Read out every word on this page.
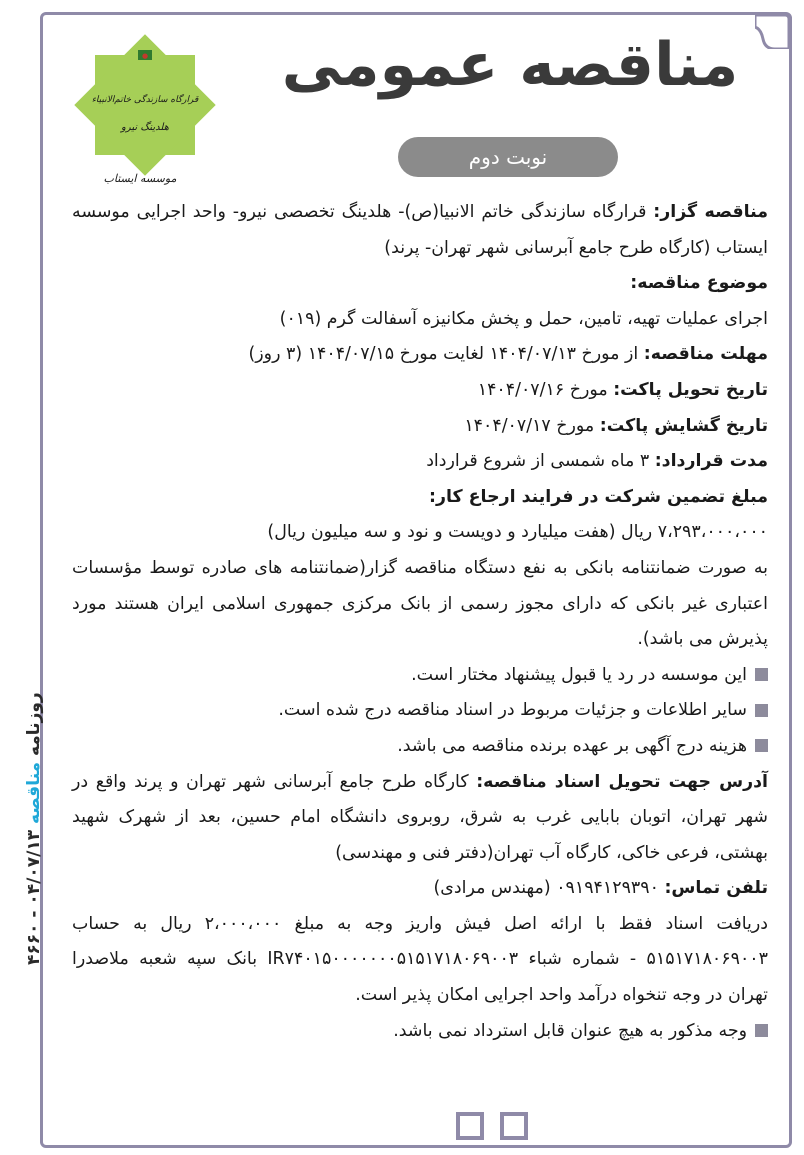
روزنامه مناقصه ۴۶۶۰ - ۰۴/۰۷/۱۳
●
قرارگاه سازندگی خاتم‌الانبیاء
هلدینگ نیرو
موسسه ایستاب
مناقصه عمومی
نوبت دوم

مناقصه گزار: قرارگاه سازندگی خاتم الانبیا(ص)- هلدینگ تخصصی نیرو- واحد اجرایی موسسه ایستاب (کارگاه طرح جامع آبرسانی شهر تهران- پرند)

موضوع مناقصه:

اجرای عملیات تهیه، تامین، حمل و پخش مکانیزه آسفالت گرم (۰۱۹)

مهلت مناقصه: از مورخ ۱۴۰۴/۰۷/۱۳ لغایت مورخ ۱۴۰۴/۰۷/۱۵ (۳ روز)

تاریخ تحویل پاکت: مورخ ۱۴۰۴/۰۷/۱۶

تاریخ گشایش پاکت: مورخ ۱۴۰۴/۰۷/۱۷

مدت قرارداد: ۳ ماه شمسی از شروع قرارداد

مبلغ تضمین شرکت در فرایند ارجاع کار:

۷،۲۹۳،۰۰۰،۰۰۰ ریال (هفت میلیارد و دویست و نود و سه میلیون ریال)

به صورت ضمانتنامه بانکی به نفع دستگاه مناقصه گزار(ضمانتنامه های صادره توسط مؤسسات اعتباری غیر بانکی که دارای مجوز رسمی از بانک مرکزی جمهوری اسلامی ایران هستند مورد پذیرش می باشد).

این موسسه در رد یا قبول پیشنهاد مختار است.

سایر اطلاعات و جزئیات مربوط در اسناد مناقصه درج شده است.

هزینه درج آگهی بر عهده برنده مناقصه می باشد.

آدرس جهت تحویل اسناد مناقصه: کارگاه طرح جامع آبرسانی شهر تهران و پرند واقع در شهر تهران، اتوبان بابایی غرب به شرق، روبروی دانشگاه امام حسین، بعد از شهرک شهید بهشتی، فرعی خاکی، کارگاه آب تهران(دفتر فنی و مهندسی)

تلفن تماس: ۰۹۱۹۴۱۲۹۳۹۰ (مهندس مرادی)

دریافت اسناد فقط با ارائه اصل فیش واریز وجه به مبلغ ۲،۰۰۰،۰۰۰ ریال به حساب ۵۱۵۱۷۱۸۰۶۹۰۰۳ - شماره شباء IR۷۴۰۱۵۰۰۰۰۰۰۰۵۱۵۱۷۱۸۰۶۹۰۰۳ بانک سپه شعبه ملاصدرا تهران در وجه تنخواه درآمد واحد اجرایی امکان پذیر است.

وجه مذکور به هیچ عنوان قابل استرداد نمی باشد.
